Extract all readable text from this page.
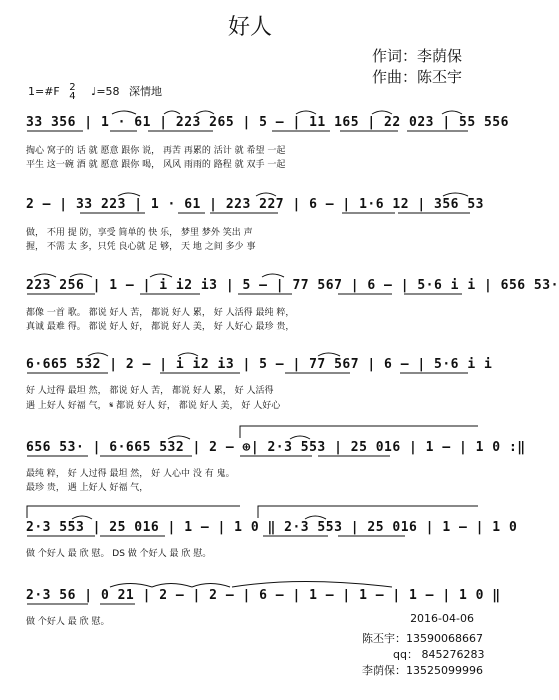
好人
作词：李荫保
作曲：陈丕宇
1=#F 2
4 ♩=58 深情地
33 356 | 1 · 61 | 223 265 | 5 – | 11 165 | 22 023 | 55 556
掏心 窝子的 话 就 愿意 跟你 说， 再苦 再累的 活计 就 希望 一起
平生 这一碗 酒 就 愿意 跟你 喝， 风风 雨雨的 路程 就 双手 一起
2 – | 33 223 | 1 · 61 | 223 227 | 6 – | 1·6 12 | 356 53
做， 不用 提 防，享受 简单的 快 乐， 梦里 梦外 笑出 声
握， 不需 太 多，只凭 良心就 足 够， 天 地 之间 多少 事
223 256 | 1 – | i i2 i3 | 5 – | 77 567 | 6 – | 5·6 i i | 656 53·
都像 一首 歌。 都说 好人 苦， 都说 好人 累， 好 人活得 最纯 粹，
真诚 最难 得。 都说 好人 好， 都说 好人 美， 好 人好心 最珍 贵，
6·665 532 | 2 – | i i2 i3 | 5 – | 77 567 | 6 – | 5·6 i i
好 人过得 最坦 然， 都说 好人 苦， 都说 好人 累， 好 人活得
遇 上好人 好福 气， 𝄋 都说 好人 好， 都说 好人 美， 好 人好心
656 53· | 6·665 532 | 2 – ⊕| 2·3 553 | 25 016 | 1 – | 1 0 :‖
最纯 粹， 好 人过得 最坦 然， 好 人心中 没 有 鬼。
最珍 贵， 遇 上好人 好福 气，
2·3 553 | 25 016 | 1 – | 1 0 ‖ 2·3 553 | 25 016 | 1 – | 1 0
做 个好人 最 欣 慰。 DS 做 个好人 最 欣 慰。
2·3 56 | 0 21 | 2 – | 2 – | 6 – | 1 – | 1 – | 1 – | 1 0 ‖
做 个好人 最 欣 慰。	2016-04-06
陈丕宇：13590068667
qq： 845276283
李荫保：13525099996
